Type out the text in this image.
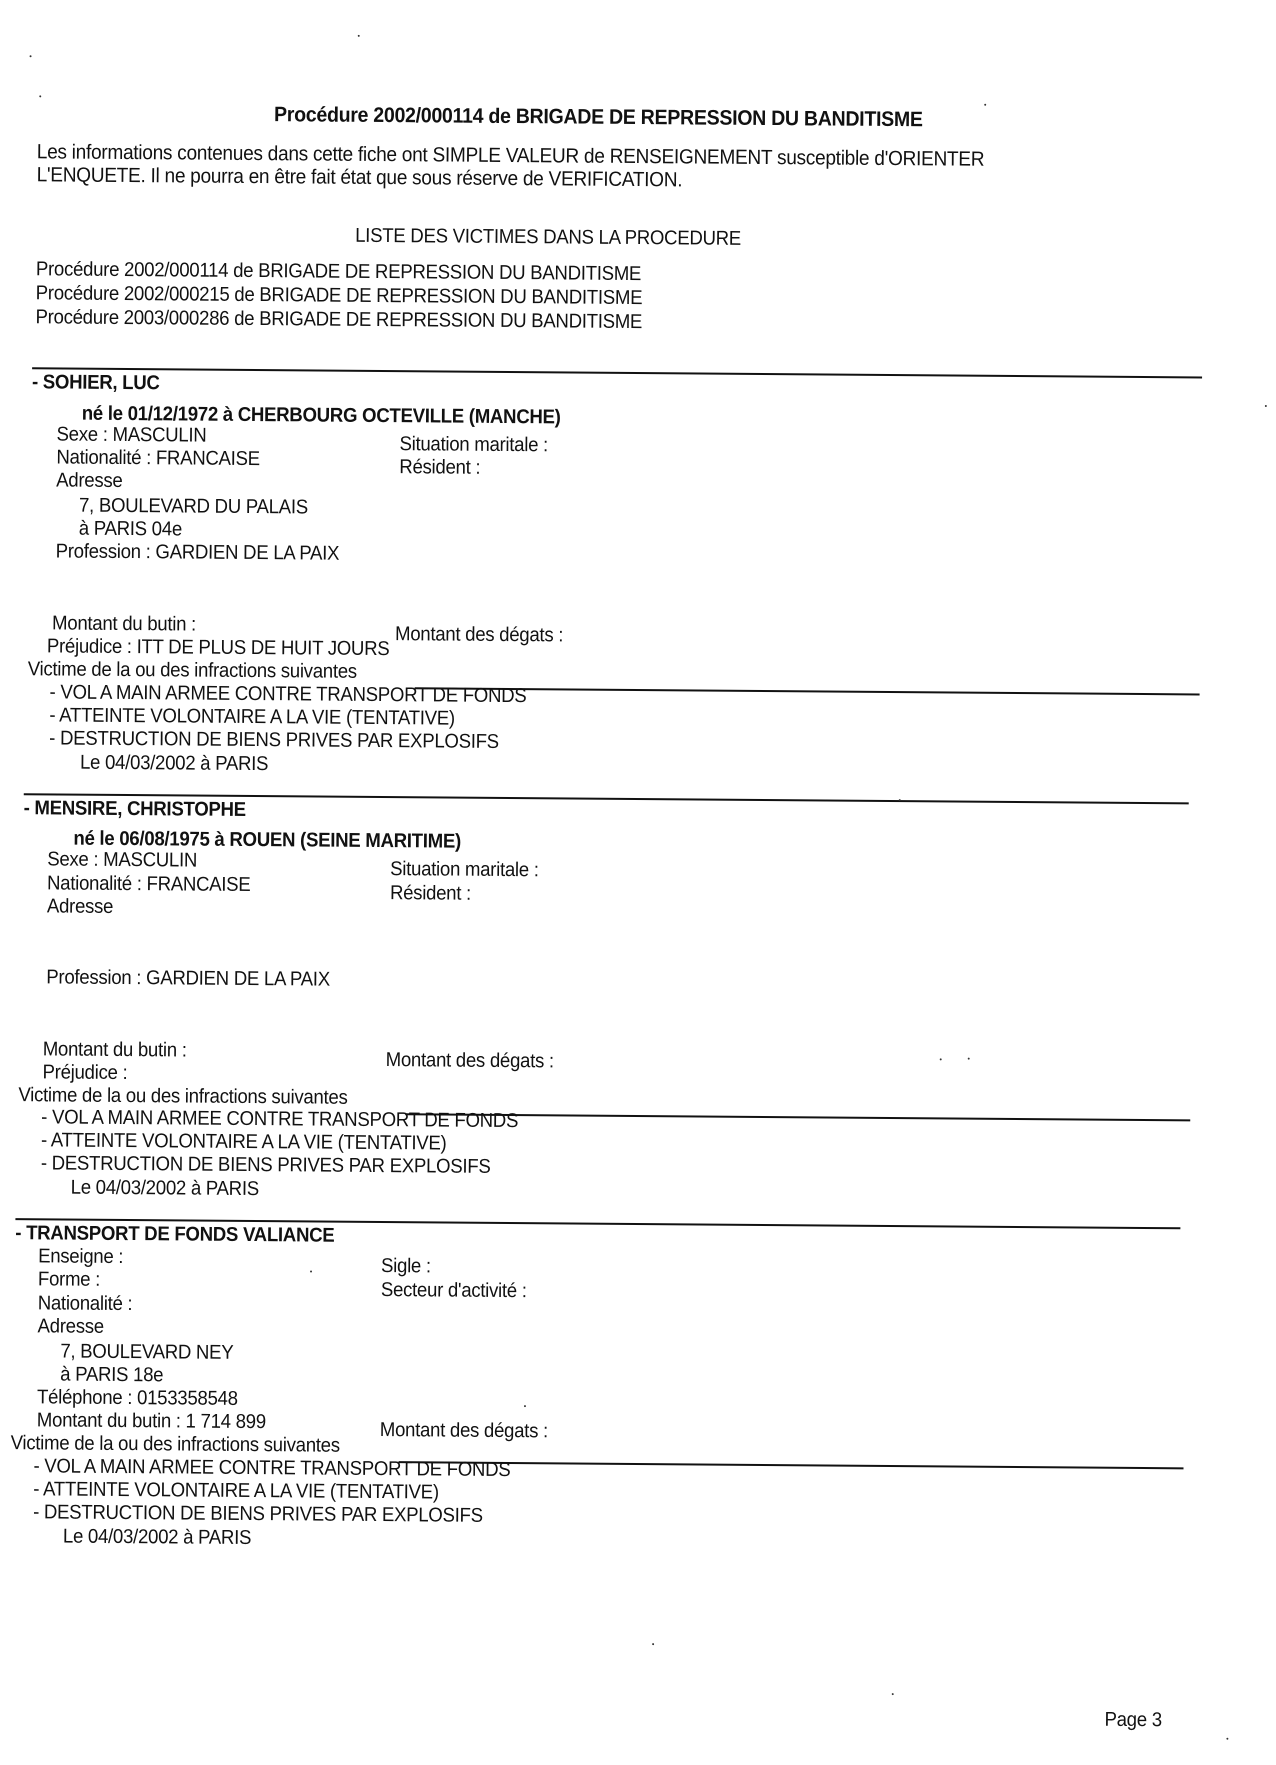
Procédure 2002/000114 de BRIGADE DE REPRESSION DU BANDITISME
Les informations contenues dans cette fiche ont SIMPLE VALEUR de RENSEIGNEMENT susceptible d'ORIENTER
L'ENQUETE. Il ne pourra en être fait état que sous réserve de VERIFICATION.
LISTE DES VICTIMES DANS LA PROCEDURE
Procédure 2002/000114 de BRIGADE DE REPRESSION DU BANDITISME
Procédure 2002/000215 de BRIGADE DE REPRESSION DU BANDITISME
Procédure 2003/000286 de BRIGADE DE REPRESSION DU BANDITISME
- SOHIER, LUC
né le 01/12/1972 à CHERBOURG OCTEVILLE (MANCHE)
Sexe : MASCULIN	Situation maritale :
Nationalité : FRANCAISE	Résident :
Adresse
7, BOULEVARD DU PALAIS
à PARIS 04e
Profession : GARDIEN DE LA PAIX
Montant du butin :	Montant des dégats :
Préjudice : ITT DE PLUS DE HUIT JOURS
Victime de la ou des infractions suivantes
- VOL A MAIN ARMEE CONTRE TRANSPORT DE FONDS
- ATTEINTE VOLONTAIRE A LA VIE (TENTATIVE)
- DESTRUCTION DE BIENS PRIVES PAR EXPLOSIFS
Le 04/03/2002 à PARIS
- MENSIRE, CHRISTOPHE
né le 06/08/1975 à ROUEN (SEINE MARITIME)
Sexe : MASCULIN	Situation maritale :
Nationalité : FRANCAISE	Résident :
Adresse
Profession : GARDIEN DE LA PAIX
Montant du butin :	Montant des dégats :
Préjudice :
Victime de la ou des infractions suivantes
- VOL A MAIN ARMEE CONTRE TRANSPORT DE FONDS
- ATTEINTE VOLONTAIRE A LA VIE (TENTATIVE)
- DESTRUCTION DE BIENS PRIVES PAR EXPLOSIFS
Le 04/03/2002 à PARIS
- TRANSPORT DE FONDS VALIANCE
Enseigne :	Sigle :
Forme :	Secteur d'activité :
Nationalité :
Adresse
7, BOULEVARD NEY
à PARIS 18e
Téléphone : 0153358548
Montant du butin : 1 714 899	Montant des dégats :
Victime de la ou des infractions suivantes
- VOL A MAIN ARMEE CONTRE TRANSPORT DE FONDS
- ATTEINTE VOLONTAIRE A LA VIE (TENTATIVE)
- DESTRUCTION DE BIENS PRIVES PAR EXPLOSIFS
Le 04/03/2002 à PARIS
Page 3
